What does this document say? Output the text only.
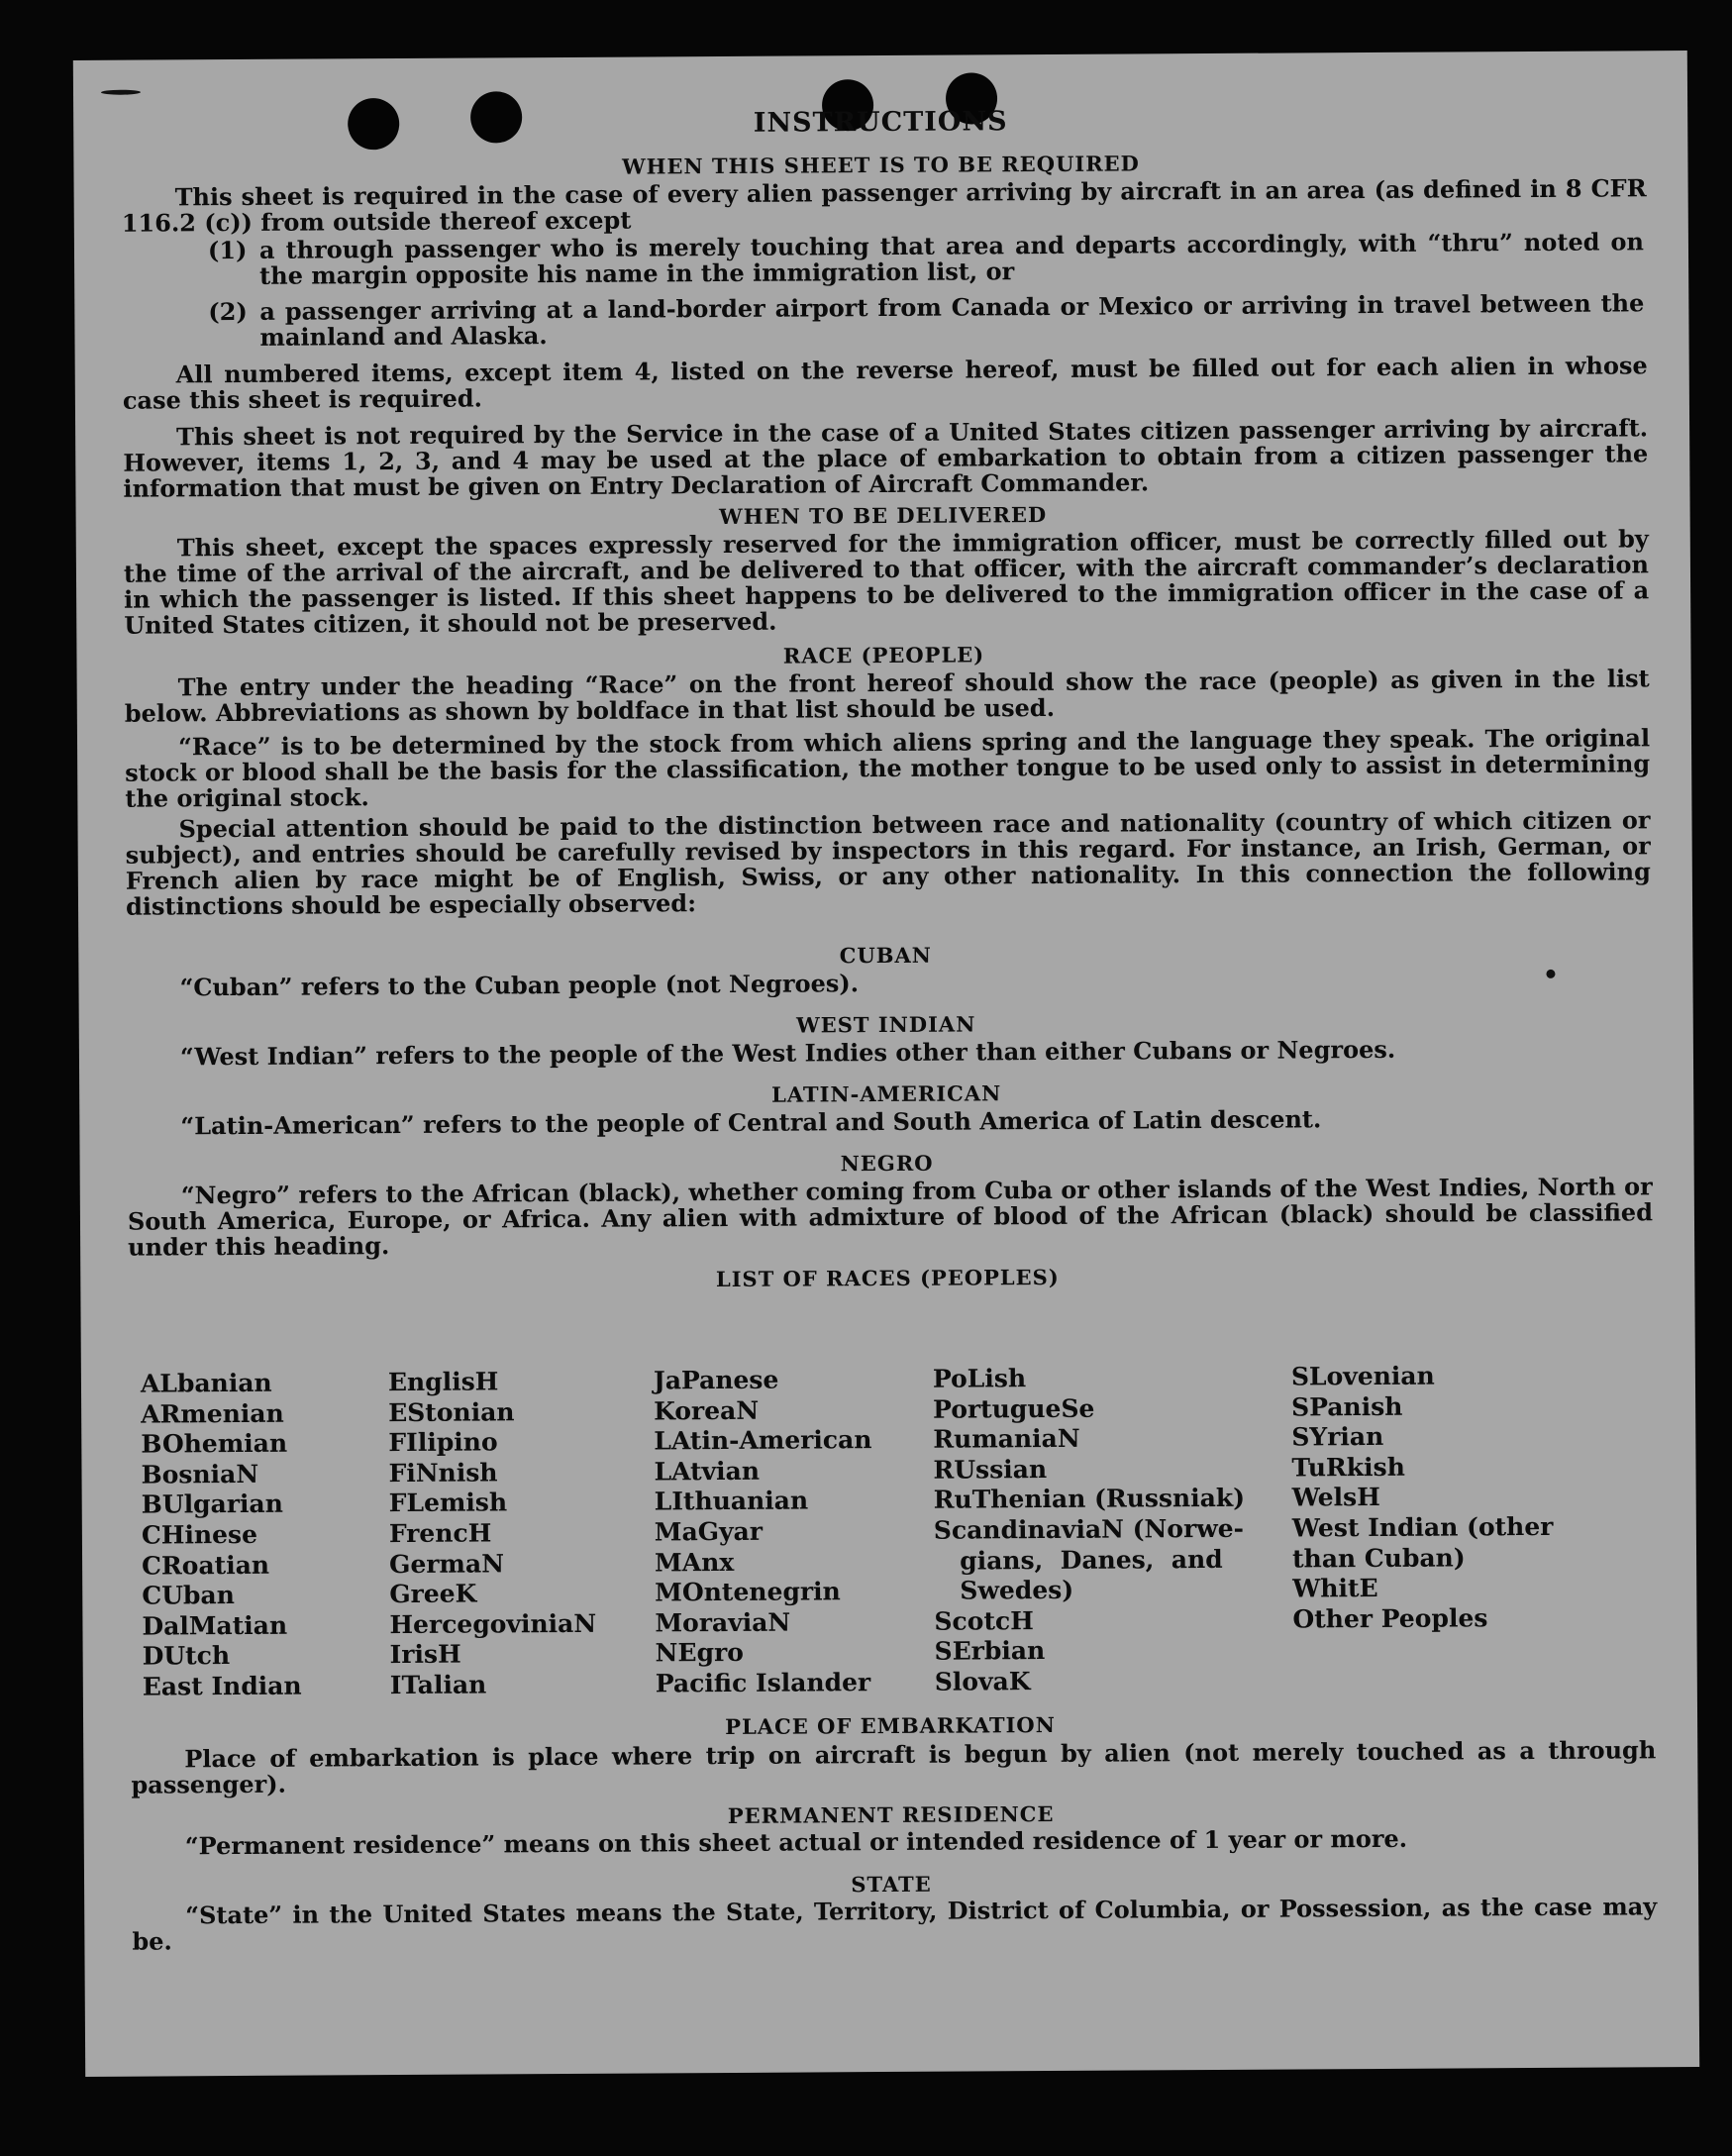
INSTRUCTIONS
WHEN THIS SHEET IS TO BE REQUIRED

This sheet is required in the case of every alien passenger arriving by aircraft in an area (as defined in 8 CFR 116.2 (c)) from outside thereof except

(1) a through passenger who is merely touching that area and departs accordingly, with “thru” noted on the margin opposite his name in the immigration list, or
(2) a passenger arriving at a land-border airport from Canada or Mexico or arriving in travel between the mainland and Alaska.

All numbered items, except item 4, listed on the reverse hereof, must be filled out for each alien in whose case this sheet is required.

This sheet is not required by the Service in the case of a United States citizen passenger arriving by aircraft. However, items 1, 2, 3, and 4 may be used at the place of embarkation to obtain from a citizen passenger the information that must be given on Entry Declaration of Aircraft Commander.

WHEN TO BE DELIVERED

This sheet, except the spaces expressly reserved for the immigration officer, must be correctly filled out by the time of the arrival of the aircraft, and be delivered to that officer, with the aircraft commander’s declaration in which the passenger is listed. If this sheet happens to be delivered to the immigration officer in the case of a United States citizen, it should not be preserved.

RACE (PEOPLE)

The entry under the heading “Race” on the front hereof should show the race (people) as given in the list below. Abbreviations as shown by boldface in that list should be used.

“Race” is to be determined by the stock from which aliens spring and the language they speak. The original stock or blood shall be the basis for the classification, the mother tongue to be used only to assist in determining the original stock.

Special attention should be paid to the distinction between race and nationality (country of which citizen or subject), and entries should be carefully revised by inspectors in this regard. For instance, an Irish, German, or French alien by race might be of English, Swiss, or any other nationality. In this connection the following distinctions should be especially observed:

CUBAN

“Cuban” refers to the Cuban people (not Negroes).

WEST INDIAN

“West Indian” refers to the people of the West Indies other than either Cubans or Negroes.

LATIN-AMERICAN

“Latin-American” refers to the people of Central and South America of Latin descent.

NEGRO

“Negro” refers to the African (black), whether coming from Cuba or other islands of the West Indies, North or South America, Europe, or Africa. Any alien with admixture of blood of the African (black) should be classified under this heading.

LIST OF RACES (PEOPLES)
ALbanian
ARmenian
BOhemian
BosniaN
BUlgarian
CHinese
CRoatian
CUban
DalMatian
DUtch
East Indian
EnglisH
EStonian
FIlipino
FiNnish
FLemish
FrencH
GermaN
GreeK
HercegoviniaN
IrisH
ITalian
JaPanese
KoreaN
LAtin-American
LAtvian
LIthuanian
MaGyar
MAnx
MOntenegrin
MoraviaN
NEgro
Pacific Islander
PoLish
PortugueSe
RumaniaN
RUssian
RuThenian (Russniak)
ScandinaviaN (Norwe-
gians,  Danes,  and
Swedes)
ScotcH
SErbian
SlovaK
SLovenian
SPanish
SYrian
TuRkish
WelsH
West Indian (other
than Cuban)
WhitE
Other Peoples
PLACE OF EMBARKATION

Place of embarkation is place where trip on aircraft is begun by alien (not merely touched as a through passenger).

PERMANENT RESIDENCE

“Permanent residence” means on this sheet actual or intended residence of 1 year or more.

STATE

“State” in the United States means the State, Territory, District of Columbia, or Possession, as the case may be.
